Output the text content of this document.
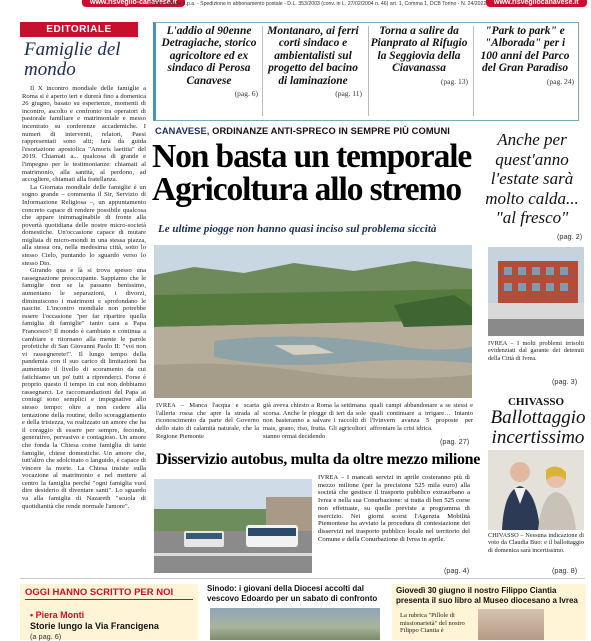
www.risveglio-canavese.it
Poste Italiane s.p.a. - Spedizione in abbonamento postale - D.L. 353/2003 (conv. in L. 27/02/2004 n. 46) art. 1, Comma 1, DCB Torino - N. 24/2022	www.risvegliocanavese.it
EDITORIALE
Famiglie del mondo

Il X incontro mondiale delle famiglie a Roma si è aperto ieri e durerà fino a domenica 26 giugno, basato su esperienze, momenti di incontro, ascolto e confronto tra operatori di pastorale familiare e matrimoniale e messo incentrato su conferenze accademiche. I numeri di interventi, relatori, Paesi rappresentati sono alti; farà da guida l'esortazione apostolica "Amoris laetitia" del 2019. Chiamati a... qualcosa di grande e l'impegno per le testimonianze: chiamati al matrimonio, alla santità, al perdono, ad accogliere, chiamati alla fratellanza.

La Giornata mondiale delle famiglie è un sogno grande – commenta il Sir, Servizio di Informazione Religiosa –, un appuntamento concreto capace di rendere possibile qualcosa che appare inimmaginabile di fronte alla povertà quotidiana delle nostre micro-società domestiche. Un'occasione capace di mutare migliaia di micro-mondi in una stessa piazza, alla stessa ora, nella medesima città, sotto lo stesso Cielo, puntando lo sguardo verso lo stesso Dio.

Girando qua e là si trova spesso una rassegnazione preoccupante. Sappiamo che le famiglie non se la passano benissimo, aumentano le separazioni, i divorzi, diminuiscono i matrimoni e sprofondano le nascite. L'incontro mondiale non potrebbe essere l'occasione "per far ripartire quella famiglia di famiglie" tanto cara a Papa Francesco? Il mondo è cambiato e continua a cambiare e ritornano alla mente le parole profetiche di San Giovanni Paolo II: "voi non vi rassegnerete!". Il lungo tempo della pandemia con il suo carico di limitazioni ha aumentato il livello di scoramento da cui fatichiamo un po' tutti a riprenderci. Forse è proprio questo il tempo in cui non dobbiamo rassegnarci. Le raccomandazioni del Papa ai coniugi sono semplici e impegnative allo stesso tempo: oltre a non cedere alla tentazione della routine, dello scoraggiamento e della tristezza, va realizzato un amore che ha il coraggio di essere per sempre, fecondo, generativo, pervasivo e contagioso. Un amore che fonda la Chiesa come famiglia di tante famiglie, chiese domestiche. Un amore che, tutt'altro che sdolcinato o languido, è capace di vincere la morte. La Chiesa insiste sulla vocazione al matrimonio e nel mettere al centro la famiglia perché "ogni famiglia vuol dire desiderio di diventare santi". Lo sguardo va alla famiglia di Nazareth "scuola di quotidianità che rende normale l'amore".

L'addio al 90enne Detragiache, storico agricoltore ed ex sindaco di Perosa Canavese
(pag. 6)
Montanaro, ai ferri corti sindaco e ambientalisti sul progetto del bacino di laminazione
(pag. 11)
Torna a salire da Pianprato al Rifugio la Seggiovia della Ciavanassa
(pag. 13)
"Park to park" e "Alborada" per i 100 anni del Parco del Gran Paradiso
(pag. 24)
CANAVESE, ORDINANZE ANTI-SPRECO IN SEMPRE PIÙ COMUNI
Non basta un temporale
Agricoltura allo stremo
Le ultime piogge non hanno quasi inciso sul problema siccità
IVREA – Manca l'acqua e scarta l'alleria rossa che apre la strada al riconoscimento da parte del Governo dello stato di calamità naturale, che la Regione Piemonte
già aveva chiesto a Roma la settimana scorsa. Anche le piogge di ieri da sole non basteranno a salvare i raccolti di mais, grano, riso, frutta. Gli agricoltori stanno ormai decidendo
quali campi abbandonare a se stessi e quali continuare a irrigare… Intanto l'Ivinvern avanza 5 proposte per affrontare la crisi idrica.
(pag. 27)
Disservizio autobus, multa da oltre mezzo milione
IVREA – I mancati servizi in aprile costeranno più di mezzo milione (per la precisione 525 mila euro) alla società che gestisce il trasporto pubblico extraurbano a Ivrea e nella sua Conurbazione: si tratta di ben 525 corse non effettuate, su quelle previste a programma di esercizio. Nei giorni scorsi l'Agenzia Mobilità Piemontese ha avviato la procedura di contestazione dei disservizi nel trasporto pubblico locale nel territorio del Comune e della Conurbazione di Ivrea in aprile.
(pag. 4)
Anche per quest'anno l'estate sarà molto calda... "al fresco"
(pag. 2)
IVREA – I molti problemi irrisolti evidenziati dal garante dei detenuti della Città di Ivrea.
(pag. 3)
CHIVASSO
Ballottaggio incertissimo
CHIVASSO – Nessuna indicazione di voto da Claudia Buo: e il ballottaggio di domenica sarà incertissimo.
(pag. 8)
OGGI HANNO SCRITTO PER NOI
• Piera Monti
Storie lungo la Via Francigena
(a pag. 6)
Sinodo: i giovani della Diocesi accolti dal vescovo Edoardo per un sabato di confronto
Giovedì 30 giugno il nostro Filippo Ciantia presenta il suo libro al Museo diocesano a Ivrea
La rubrica "Pillole di missionarietà" del nostro Filippo Ciantia è
